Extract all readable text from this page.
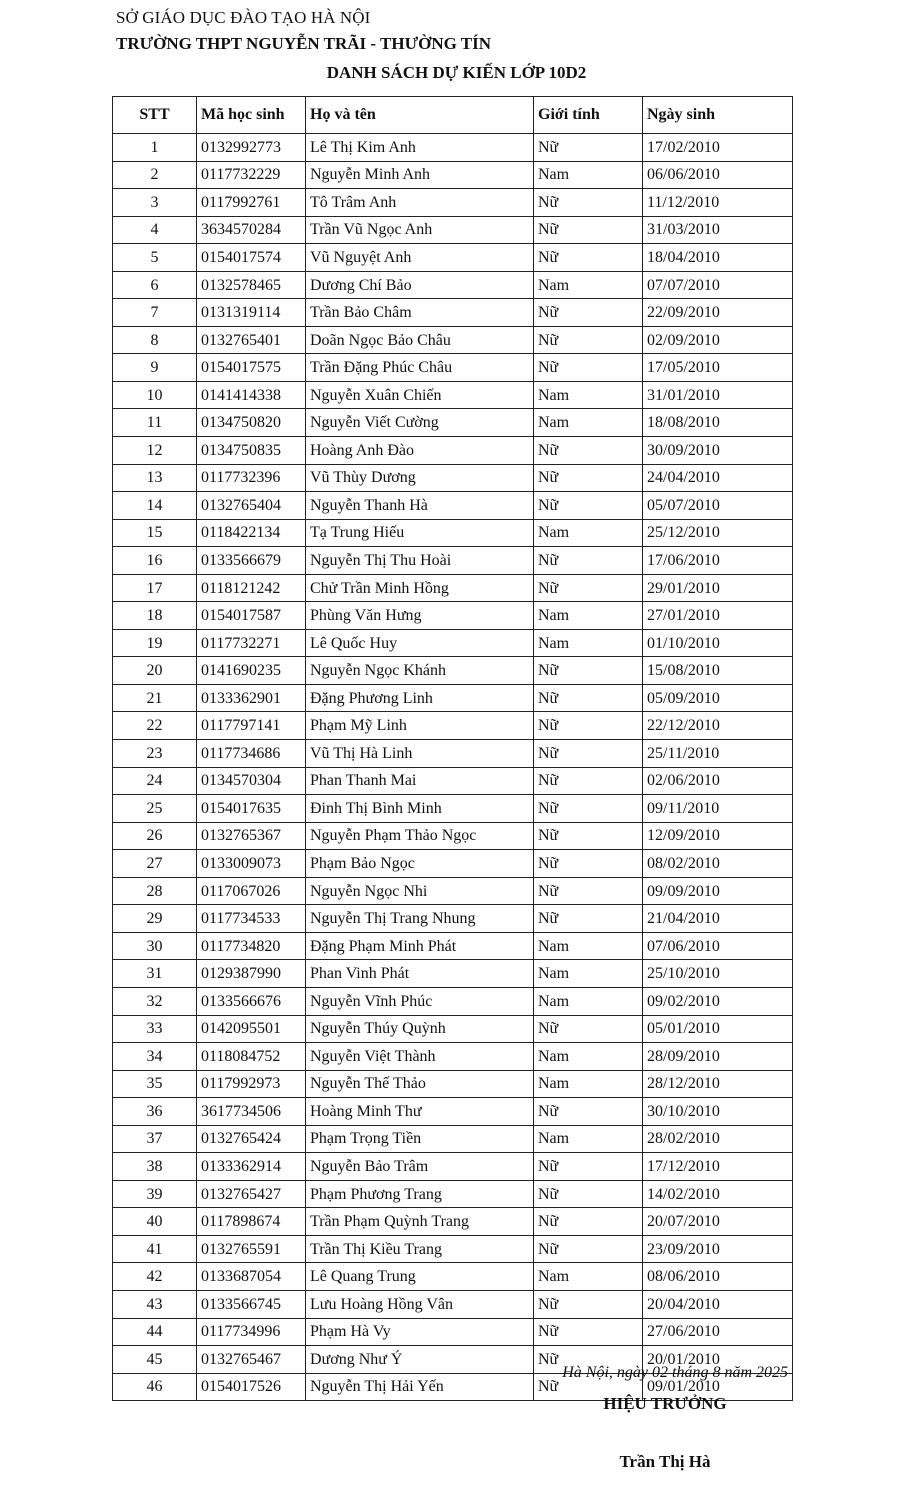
SỞ GIÁO DỤC ĐÀO TẠO HÀ NỘI
TRƯỜNG THPT NGUYỄN TRÃI - THƯỜNG TÍN
DANH SÁCH DỰ KIẾN LỚP 10D2
STT	Mã học sinh	Họ và tên	Giới tính	Ngày sinh
1	0132992773	Lê Thị Kim Anh	Nữ	17/02/2010
2	0117732229	Nguyễn Minh Anh	Nam	06/06/2010
3	0117992761	Tô Trâm Anh	Nữ	11/12/2010
4	3634570284	Trần Vũ Ngọc Anh	Nữ	31/03/2010
5	0154017574	Vũ Nguyệt Anh	Nữ	18/04/2010
6	0132578465	Dương Chí Bảo	Nam	07/07/2010
7	0131319114	Trần Bảo Châm	Nữ	22/09/2010
8	0132765401	Doãn Ngọc Bảo Châu	Nữ	02/09/2010
9	0154017575	Trần Đặng Phúc Châu	Nữ	17/05/2010
10	0141414338	Nguyễn Xuân Chiến	Nam	31/01/2010
11	0134750820	Nguyễn Viết Cường	Nam	18/08/2010
12	0134750835	Hoàng Anh Đào	Nữ	30/09/2010
13	0117732396	Vũ Thùy Dương	Nữ	24/04/2010
14	0132765404	Nguyễn Thanh Hà	Nữ	05/07/2010
15	0118422134	Tạ Trung Hiếu	Nam	25/12/2010
16	0133566679	Nguyễn Thị Thu Hoài	Nữ	17/06/2010
17	0118121242	Chử Trần Minh Hồng	Nữ	29/01/2010
18	0154017587	Phùng Văn Hưng	Nam	27/01/2010
19	0117732271	Lê Quốc Huy	Nam	01/10/2010
20	0141690235	Nguyễn Ngọc Khánh	Nữ	15/08/2010
21	0133362901	Đặng Phương Linh	Nữ	05/09/2010
22	0117797141	Phạm Mỹ Linh	Nữ	22/12/2010
23	0117734686	Vũ Thị Hà Linh	Nữ	25/11/2010
24	0134570304	Phan Thanh Mai	Nữ	02/06/2010
25	0154017635	Đinh Thị Bình Minh	Nữ	09/11/2010
26	0132765367	Nguyễn Phạm Thảo Ngọc	Nữ	12/09/2010
27	0133009073	Phạm Bảo Ngọc	Nữ	08/02/2010
28	0117067026	Nguyễn Ngọc Nhi	Nữ	09/09/2010
29	0117734533	Nguyễn Thị Trang Nhung	Nữ	21/04/2010
30	0117734820	Đặng Phạm Minh Phát	Nam	07/06/2010
31	0129387990	Phan Vinh Phát	Nam	25/10/2010
32	0133566676	Nguyễn Vĩnh Phúc	Nam	09/02/2010
33	0142095501	Nguyễn Thúy Quỳnh	Nữ	05/01/2010
34	0118084752	Nguyễn Việt Thành	Nam	28/09/2010
35	0117992973	Nguyễn Thế Thảo	Nam	28/12/2010
36	3617734506	Hoàng Minh Thư	Nữ	30/10/2010
37	0132765424	Phạm Trọng Tiền	Nam	28/02/2010
38	0133362914	Nguyễn Bảo Trâm	Nữ	17/12/2010
39	0132765427	Phạm Phương Trang	Nữ	14/02/2010
40	0117898674	Trần Phạm Quỳnh Trang	Nữ	20/07/2010
41	0132765591	Trần Thị Kiều Trang	Nữ	23/09/2010
42	0133687054	Lê Quang Trung	Nam	08/06/2010
43	0133566745	Lưu Hoàng Hồng Vân	Nữ	20/04/2010
44	0117734996	Phạm Hà Vy	Nữ	27/06/2010
45	0132765467	Dương Như Ý	Nữ	20/01/2010
46	0154017526	Nguyễn Thị Hải Yến	Nữ	09/01/2010
Hà Nội, ngày 02 tháng 8 năm 2025
HIỆU TRƯỞNG
Trần Thị Hà
